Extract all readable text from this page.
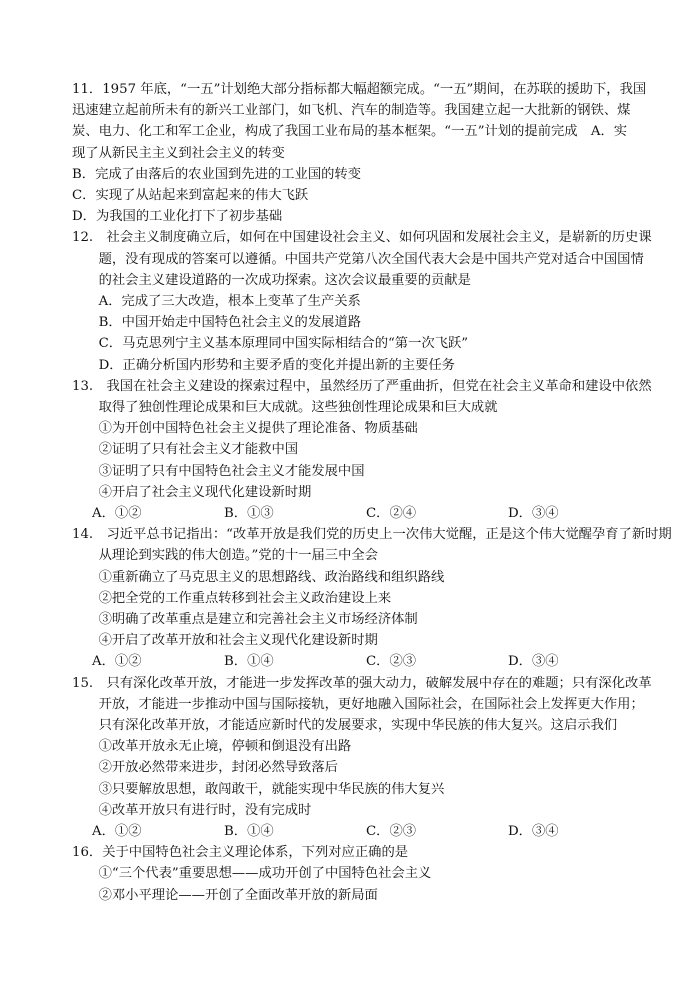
11．1957 年底，“一五”计划绝大部分指标都大幅超额完成。“一五”期间，在苏联的援助下，我国
迅速建立起前所未有的新兴工业部门，如飞机、汽车的制造等。我国建立起一大批新的钢铁、煤
炭、电力、化工和军工企业，构成了我国工业布局的基本框架。“一五”计划的提前完成　A．实
现了从新民主主义到社会主义的转变
B．完成了由落后的农业国到先进的工业国的转变
C．实现了从站起来到富起来的伟大飞跃
D．为我国的工业化打下了初步基础
12.　社会主义制度确立后，如何在中国建设社会主义、如何巩固和发展社会主义，是崭新的历史课
　　题，没有现成的答案可以遵循。中国共产党第八次全国代表大会是中国共产党对适合中国国情
　　的社会主义建设道路的一次成功探索。这次会议最重要的贡献是
　　A．完成了三大改造，根本上变革了生产关系
　　B．中国开始走中国特色社会主义的发展道路
　　C．马克思列宁主义基本原理同中国实际相结合的“第一次飞跃”
　　D．正确分析国内形势和主要矛盾的变化并提出新的主要任务
13.　我国在社会主义建设的探索过程中，虽然经历了严重曲折，但党在社会主义革命和建设中依然
　　取得了独创性理论成果和巨大成就。这些独创性理论成果和巨大成就
　　①为开创中国特色社会主义提供了理论准备、物质基础
　　②证明了只有社会主义才能救中国
　　③证明了只有中国特色社会主义才能发展中国
　　④开启了社会主义现代化建设新时期
A．①②	B．①③	C．②④	D．③④
14.　习近平总书记指出：“改革开放是我们党的历史上一次伟大觉醒，正是这个伟大觉醒孕育了新时期
　　从理论到实践的伟大创造。”党的十一届三中全会
　　①重新确立了马克思主义的思想路线、政治路线和组织路线
　　②把全党的工作重点转移到社会主义政治建设上来
　　③明确了改革重点是建立和完善社会主义市场经济体制
　　④开启了改革开放和社会主义现代化建设新时期
A．①②	B．①④	C．②③	D．③④
15.　只有深化改革开放，才能进一步发挥改革的强大动力，破解发展中存在的难题；只有深化改革
　　开放，才能进一步推动中国与国际接轨，更好地融入国际社会，在国际社会上发挥更大作用；
　　只有深化改革开放，才能适应新时代的发展要求，实现中华民族的伟大复兴。这启示我们
　　①改革开放永无止境，停顿和倒退没有出路
　　②开放必然带来进步，封闭必然导致落后
　　③只要解放思想，敢闯敢干，就能实现中华民族的伟大复兴
　　④改革开放只有进行时，没有完成时
A．①②	B．①④	C．②③	D．③④
16．关于中国特色社会主义理论体系，下列对应正确的是
　　①“三个代表”重要思想——成功开创了中国特色社会主义
　　②邓小平理论——开创了全面改革开放的新局面
